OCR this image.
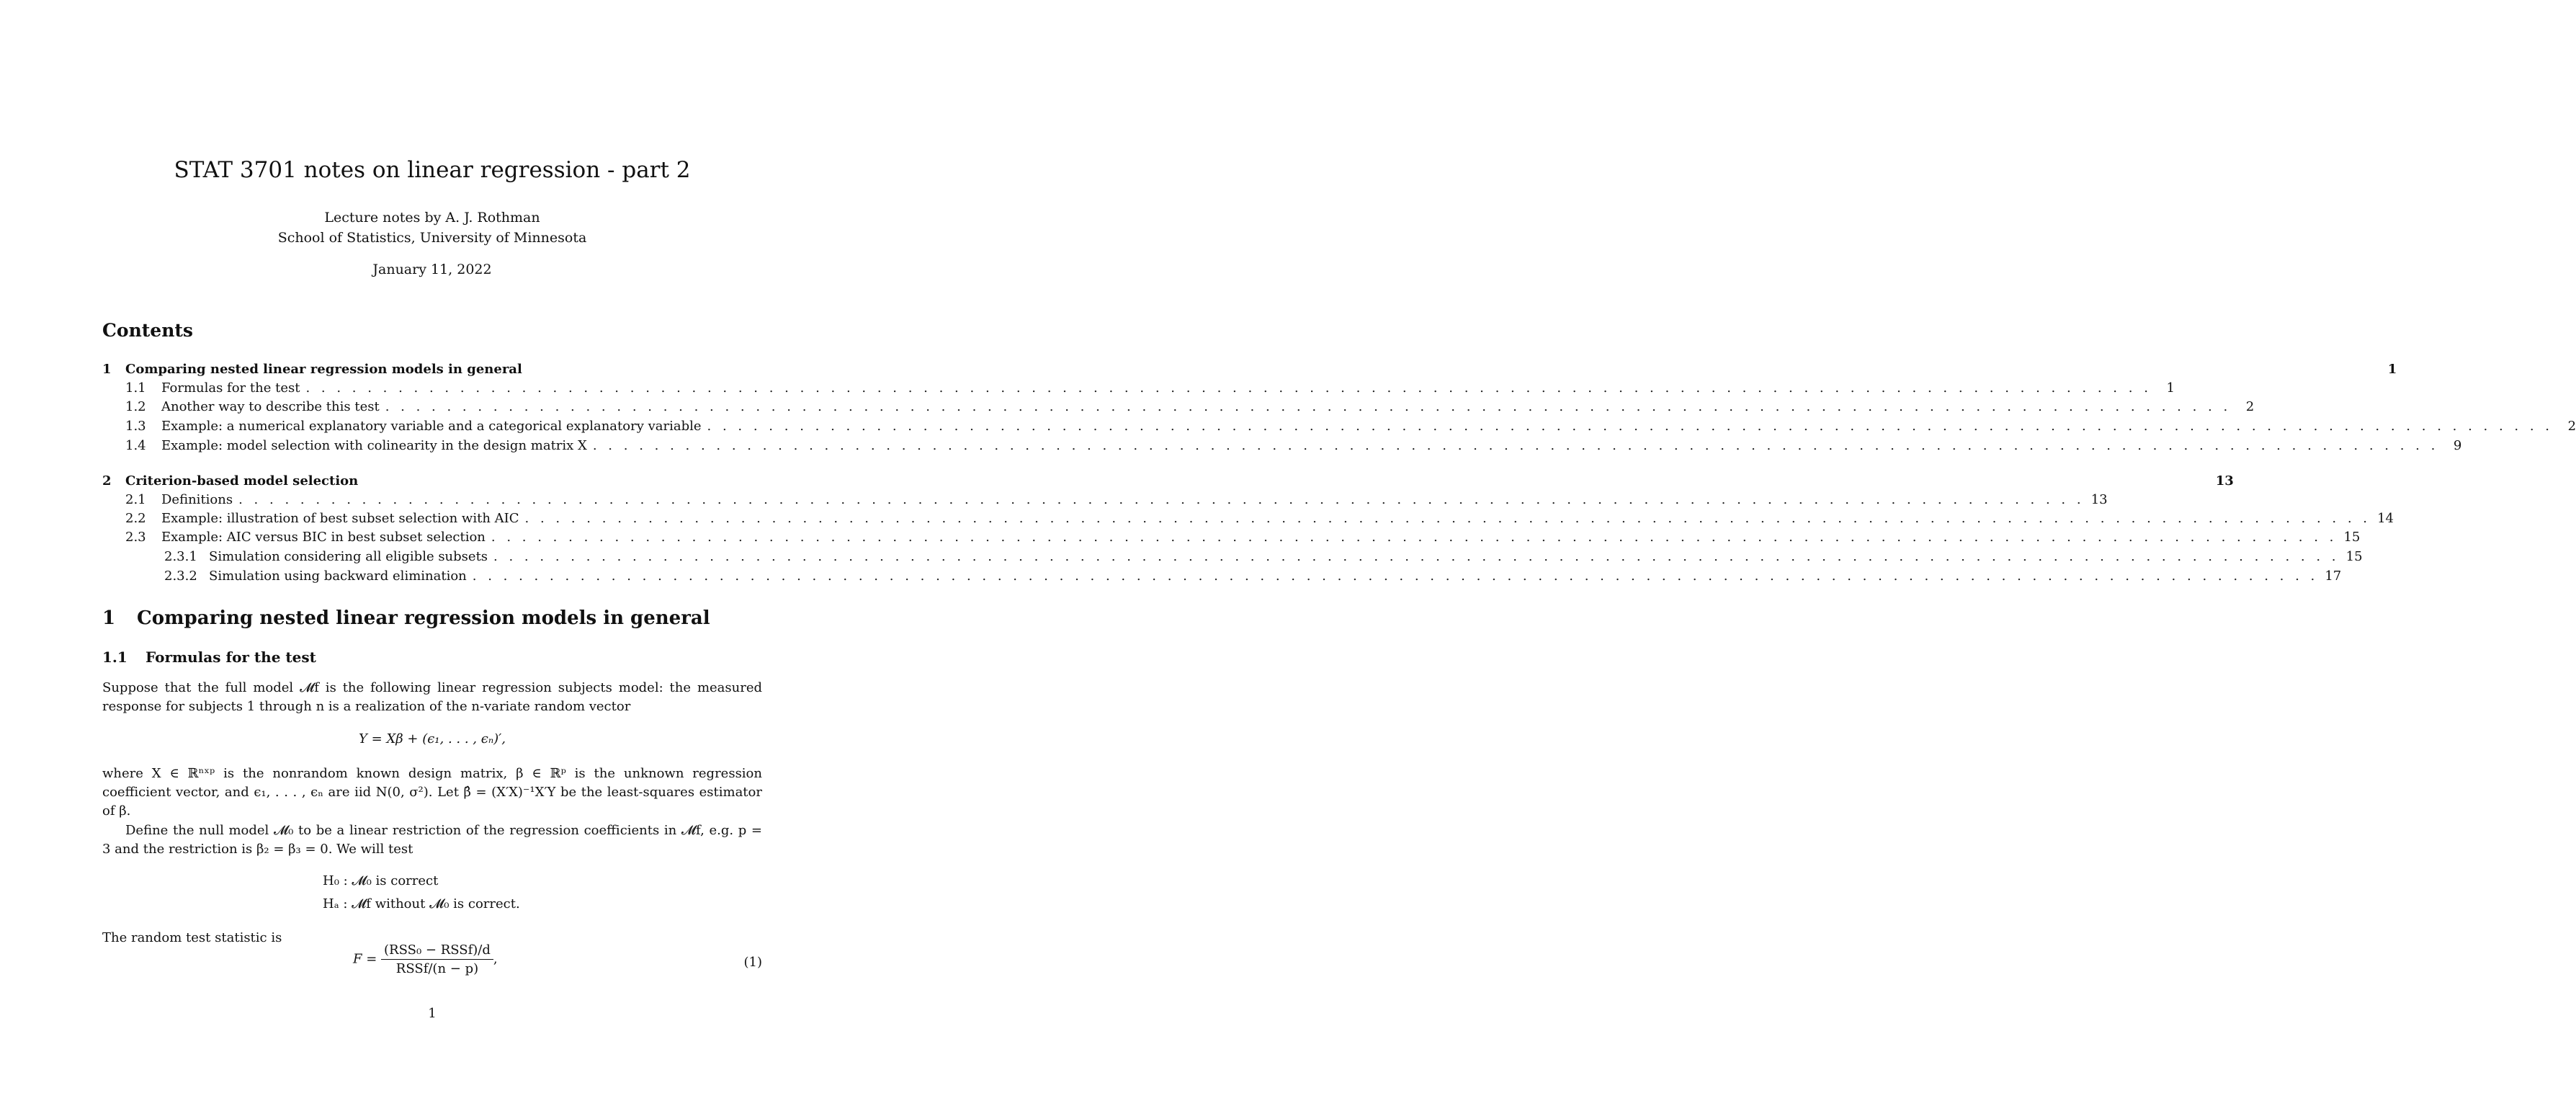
STAT 3701 notes on linear regression - part 2
Lecture notes by A. J. Rothman
School of Statistics, University of Minnesota
January 11, 2022
Contents
1	Comparing nested linear regression models in general	1
1.1	Formulas for the test . . . . . . . . . . . . . . . . . . . . . . . . . . . . . . . . . . . . . . . . . . . . . . . . . . . . . . . . . . . . . . . . . . . . . . . . . . . . . . . . . . . . . . . . . . . . . . . . . . . . . . . . . . . . . . . . . . . . . . . .	1
1.2	Another way to describe this test . . . . . . . . . . . . . . . . . . . . . . . . . . . . . . . . . . . . . . . . . . . . . . . . . . . . . . . . . . . . . . . . . . . . . . . . . . . . . . . . . . . . . . . . . . . . . . . . . . . . . . . . . . . . . . . . . . . . . . . .	2
1.3	Example: a numerical explanatory variable and a categorical explanatory variable . . . . . . . . . . . . . . . . . . . . . . . . . . . . . . . . . . . . . . . . . . . . . . . . . . . . . . . . . . . . . . . . . . . . . . . . . . . . . . . . . . . . . . . . . . . . . . . . . . . . . . . . . . . . . . . . . . . . . . . .	2
1.4	Example: model selection with colinearity in the design matrix X . . . . . . . . . . . . . . . . . . . . . . . . . . . . . . . . . . . . . . . . . . . . . . . . . . . . . . . . . . . . . . . . . . . . . . . . . . . . . . . . . . . . . . . . . . . . . . . . . . . . . . . . . . . . . . . . . . . . . . . .	9
2	Criterion-based model selection	13
2.1	Definitions . . . . . . . . . . . . . . . . . . . . . . . . . . . . . . . . . . . . . . . . . . . . . . . . . . . . . . . . . . . . . . . . . . . . . . . . . . . . . . . . . . . . . . . . . . . . . . . . . . . . . . . . . . . . . . . . . . . . . . . . 13
2.2	Example: illustration of best subset selection with AIC . . . . . . . . . . . . . . . . . . . . . . . . . . . . . . . . . . . . . . . . . . . . . . . . . . . . . . . . . . . . . . . . . . . . . . . . . . . . . . . . . . . . . . . . . . . . . . . . . . . . . . . . . . . . . . . . . . . . . . . . 14
2.3	Example: AIC versus BIC in best subset selection . . . . . . . . . . . . . . . . . . . . . . . . . . . . . . . . . . . . . . . . . . . . . . . . . . . . . . . . . . . . . . . . . . . . . . . . . . . . . . . . . . . . . . . . . . . . . . . . . . . . . . . . . . . . . . . . . . . . . . . . 15
2.3.1 Simulation considering all eligible subsets . . . . . . . . . . . . . . . . . . . . . . . . . . . . . . . . . . . . . . . . . . . . . . . . . . . . . . . . . . . . . . . . . . . . . . . . . . . . . . . . . . . . . . . . . . . . . . . . . . . . . . . . . . . . . . . . . . . . . . . . 15
2.3.2 Simulation using backward elimination . . . . . . . . . . . . . . . . . . . . . . . . . . . . . . . . . . . . . . . . . . . . . . . . . . . . . . . . . . . . . . . . . . . . . . . . . . . . . . . . . . . . . . . . . . . . . . . . . . . . . . . . . . . . . . . . . . . . . . . . 17
1 Comparing nested linear regression models in general
1.1 Formulas for the test
Suppose that the full model 𝓜f is the following linear regression subjects model: the measured response for subjects 1 through n is a realization of the n-variate random vector
Y = Xβ + (ϵ₁, . . . , ϵₙ)′,
where X ∈ ℝⁿˣᵖ is the nonrandom known design matrix, β ∈ ℝᵖ is the unknown regression coefficient vector, and ϵ₁, . . . , ϵₙ are iid N(0, σ²). Let β̂ = (X′X)⁻¹X′Y be the least-squares estimator of β.
Define the null model 𝓜₀ to be a linear restriction of the regression coefficients in 𝓜f, e.g. p = 3 and the restriction is β₂ = β₃ = 0. We will test
H₀ : 𝓜₀ is correct
Hₐ : 𝓜f without 𝓜₀ is correct.
The random test statistic is
$F = \frac{\text{(RSS₀ − RSSf)/d}}{\text{RSSf/(n − p)}}$ ,	(1)
1
